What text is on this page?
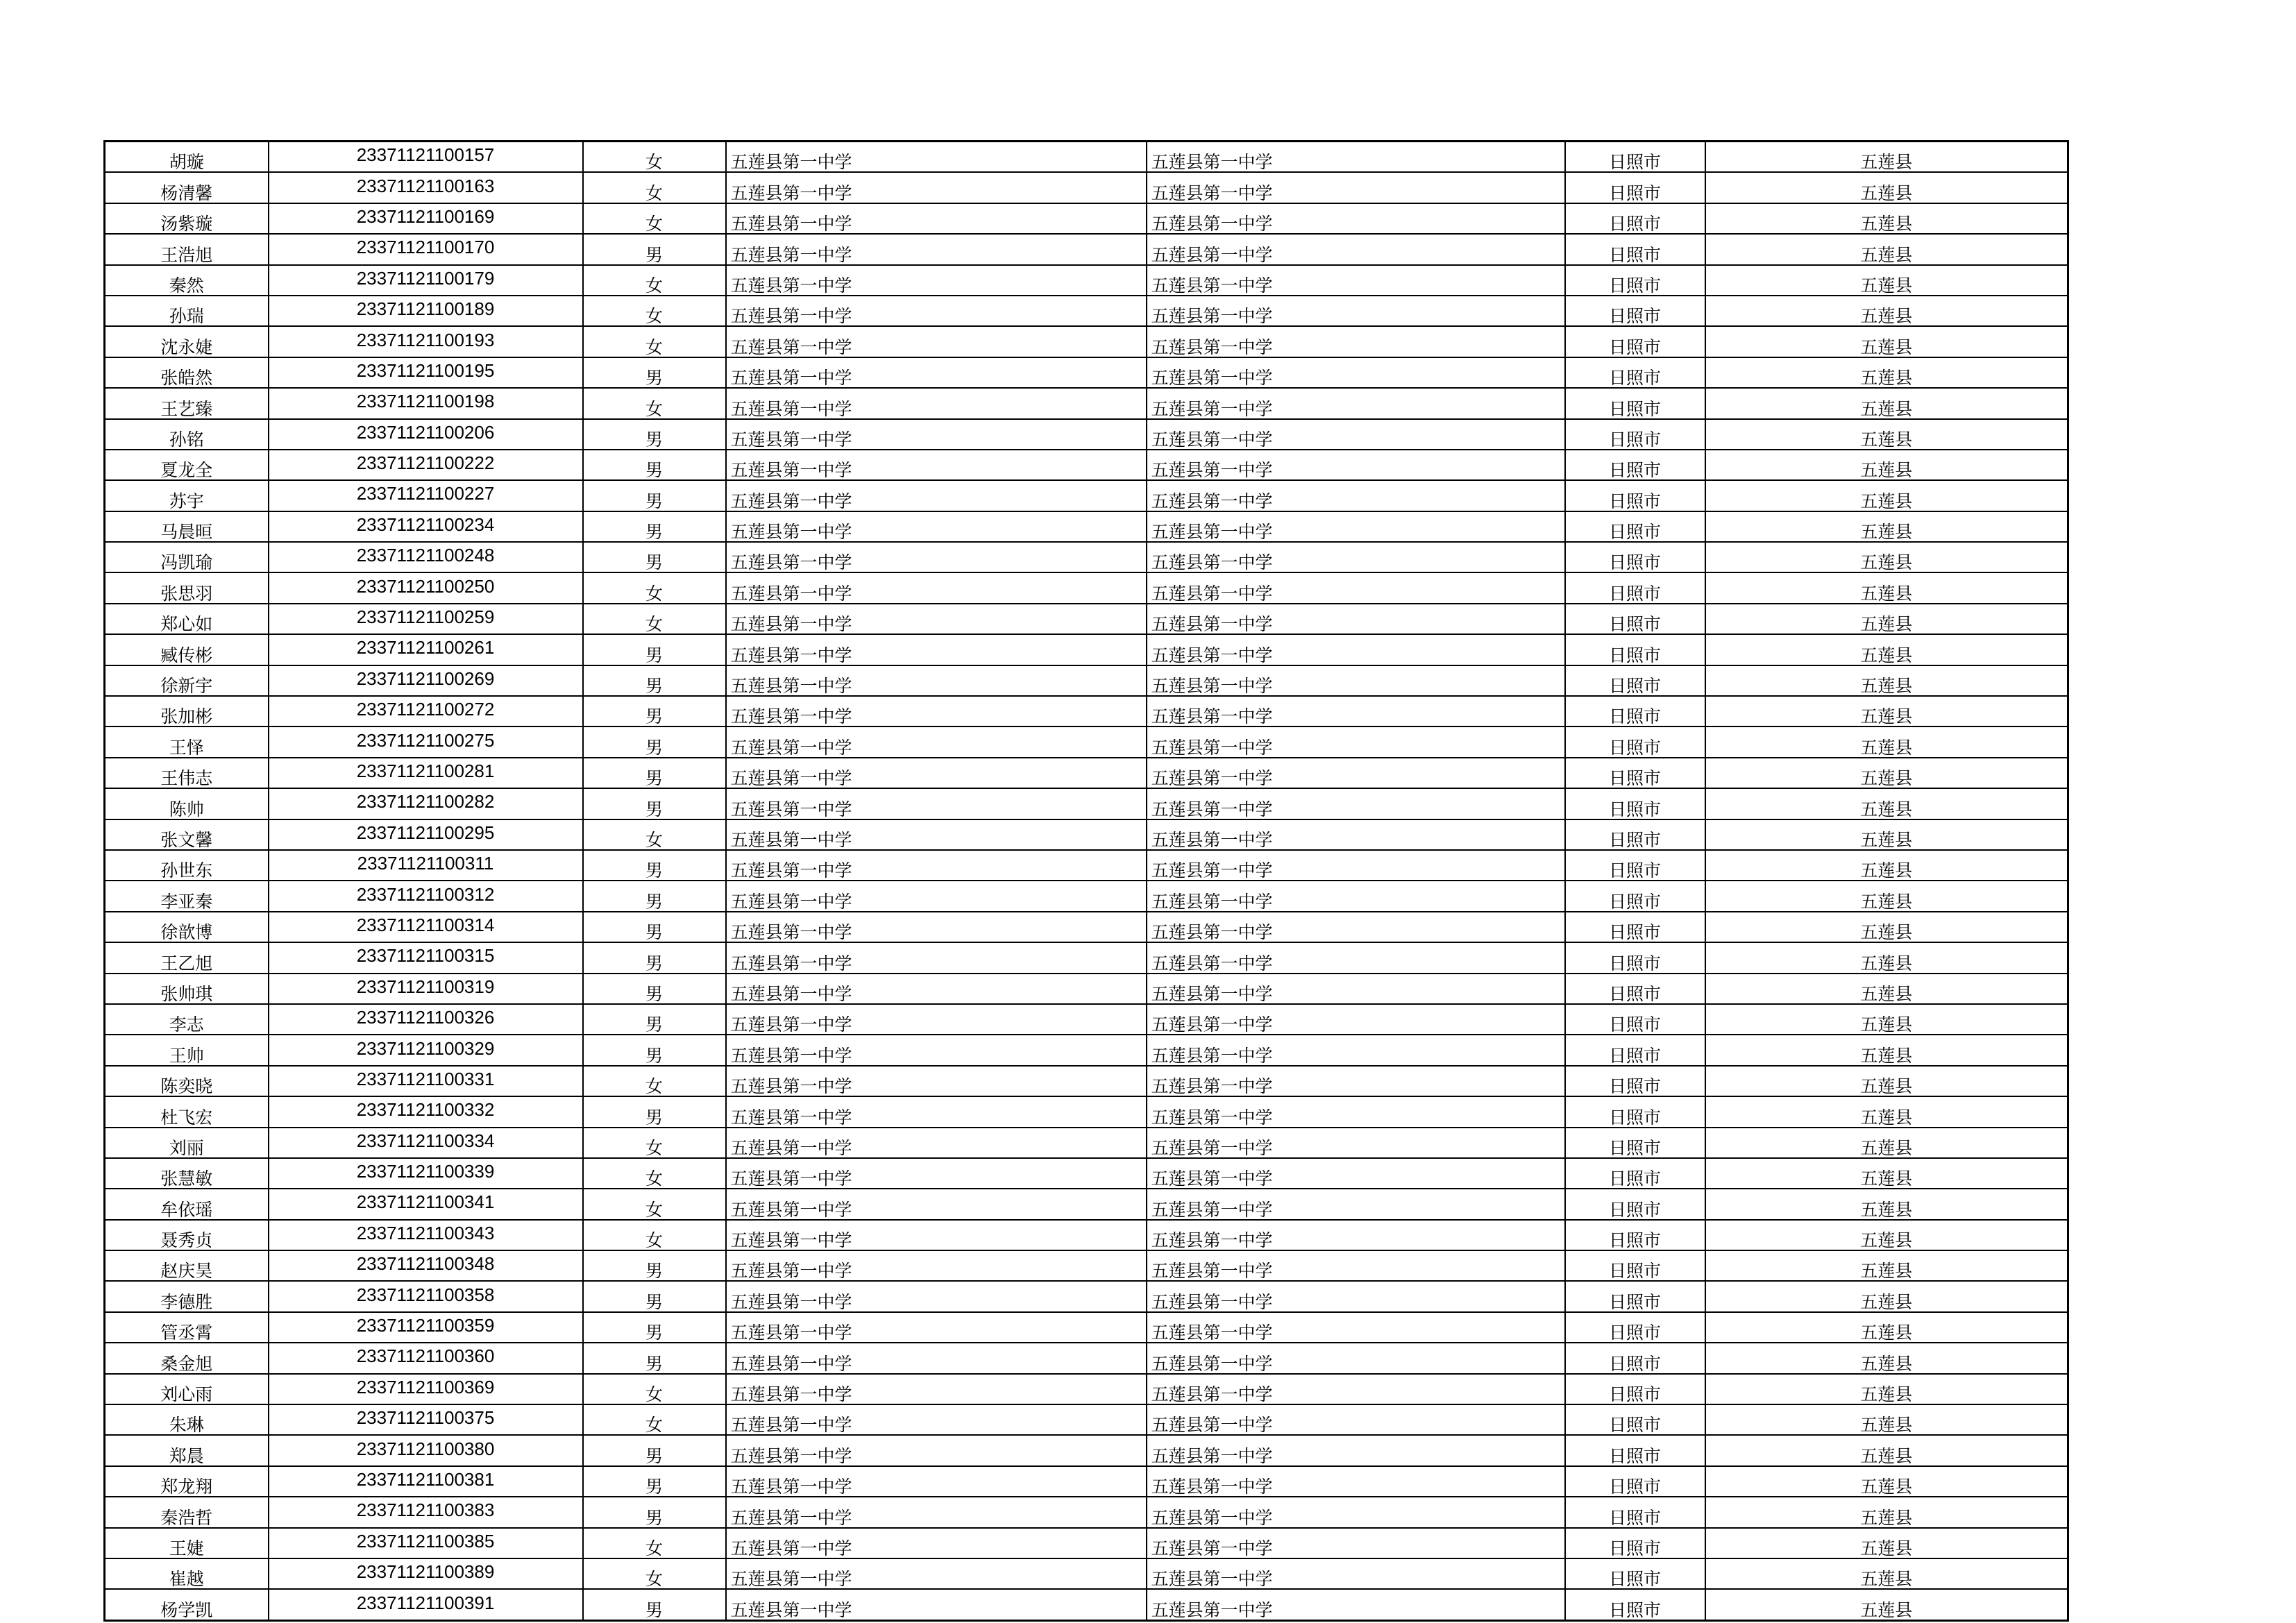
胡璇	23371121100157	女	五莲县第一中学	五莲县第一中学	日照市	五莲县
杨清馨	23371121100163	女	五莲县第一中学	五莲县第一中学	日照市	五莲县
汤紫璇	23371121100169	女	五莲县第一中学	五莲县第一中学	日照市	五莲县
王浩旭	23371121100170	男	五莲县第一中学	五莲县第一中学	日照市	五莲县
秦然	23371121100179	女	五莲县第一中学	五莲县第一中学	日照市	五莲县
孙瑞	23371121100189	女	五莲县第一中学	五莲县第一中学	日照市	五莲县
沈永婕	23371121100193	女	五莲县第一中学	五莲县第一中学	日照市	五莲县
张皓然	23371121100195	男	五莲县第一中学	五莲县第一中学	日照市	五莲县
王艺臻	23371121100198	女	五莲县第一中学	五莲县第一中学	日照市	五莲县
孙铭	23371121100206	男	五莲县第一中学	五莲县第一中学	日照市	五莲县
夏龙全	23371121100222	男	五莲县第一中学	五莲县第一中学	日照市	五莲县
苏宇	23371121100227	男	五莲县第一中学	五莲县第一中学	日照市	五莲县
马晨晅	23371121100234	男	五莲县第一中学	五莲县第一中学	日照市	五莲县
冯凯瑜	23371121100248	男	五莲县第一中学	五莲县第一中学	日照市	五莲县
张思羽	23371121100250	女	五莲县第一中学	五莲县第一中学	日照市	五莲县
郑心如	23371121100259	女	五莲县第一中学	五莲县第一中学	日照市	五莲县
臧传彬	23371121100261	男	五莲县第一中学	五莲县第一中学	日照市	五莲县
徐新宇	23371121100269	男	五莲县第一中学	五莲县第一中学	日照市	五莲县
张加彬	23371121100272	男	五莲县第一中学	五莲县第一中学	日照市	五莲县
王怿	23371121100275	男	五莲县第一中学	五莲县第一中学	日照市	五莲县
王伟志	23371121100281	男	五莲县第一中学	五莲县第一中学	日照市	五莲县
陈帅	23371121100282	男	五莲县第一中学	五莲县第一中学	日照市	五莲县
张文馨	23371121100295	女	五莲县第一中学	五莲县第一中学	日照市	五莲县
孙世东	23371121100311	男	五莲县第一中学	五莲县第一中学	日照市	五莲县
李亚秦	23371121100312	男	五莲县第一中学	五莲县第一中学	日照市	五莲县
徐歆博	23371121100314	男	五莲县第一中学	五莲县第一中学	日照市	五莲县
王乙旭	23371121100315	男	五莲县第一中学	五莲县第一中学	日照市	五莲县
张帅琪	23371121100319	男	五莲县第一中学	五莲县第一中学	日照市	五莲县
李志	23371121100326	男	五莲县第一中学	五莲县第一中学	日照市	五莲县
王帅	23371121100329	男	五莲县第一中学	五莲县第一中学	日照市	五莲县
陈奕晓	23371121100331	女	五莲县第一中学	五莲县第一中学	日照市	五莲县
杜飞宏	23371121100332	男	五莲县第一中学	五莲县第一中学	日照市	五莲县
刘丽	23371121100334	女	五莲县第一中学	五莲县第一中学	日照市	五莲县
张慧敏	23371121100339	女	五莲县第一中学	五莲县第一中学	日照市	五莲县
牟依瑶	23371121100341	女	五莲县第一中学	五莲县第一中学	日照市	五莲县
聂秀贞	23371121100343	女	五莲县第一中学	五莲县第一中学	日照市	五莲县
赵庆昊	23371121100348	男	五莲县第一中学	五莲县第一中学	日照市	五莲县
李德胜	23371121100358	男	五莲县第一中学	五莲县第一中学	日照市	五莲县
管丞霄	23371121100359	男	五莲县第一中学	五莲县第一中学	日照市	五莲县
桑金旭	23371121100360	男	五莲县第一中学	五莲县第一中学	日照市	五莲县
刘心雨	23371121100369	女	五莲县第一中学	五莲县第一中学	日照市	五莲县
朱琳	23371121100375	女	五莲县第一中学	五莲县第一中学	日照市	五莲县
郑晨	23371121100380	男	五莲县第一中学	五莲县第一中学	日照市	五莲县
郑龙翔	23371121100381	男	五莲县第一中学	五莲县第一中学	日照市	五莲县
秦浩哲	23371121100383	男	五莲县第一中学	五莲县第一中学	日照市	五莲县
王婕	23371121100385	女	五莲县第一中学	五莲县第一中学	日照市	五莲县
崔越	23371121100389	女	五莲县第一中学	五莲县第一中学	日照市	五莲县
杨学凯	23371121100391	男	五莲县第一中学	五莲县第一中学	日照市	五莲县
